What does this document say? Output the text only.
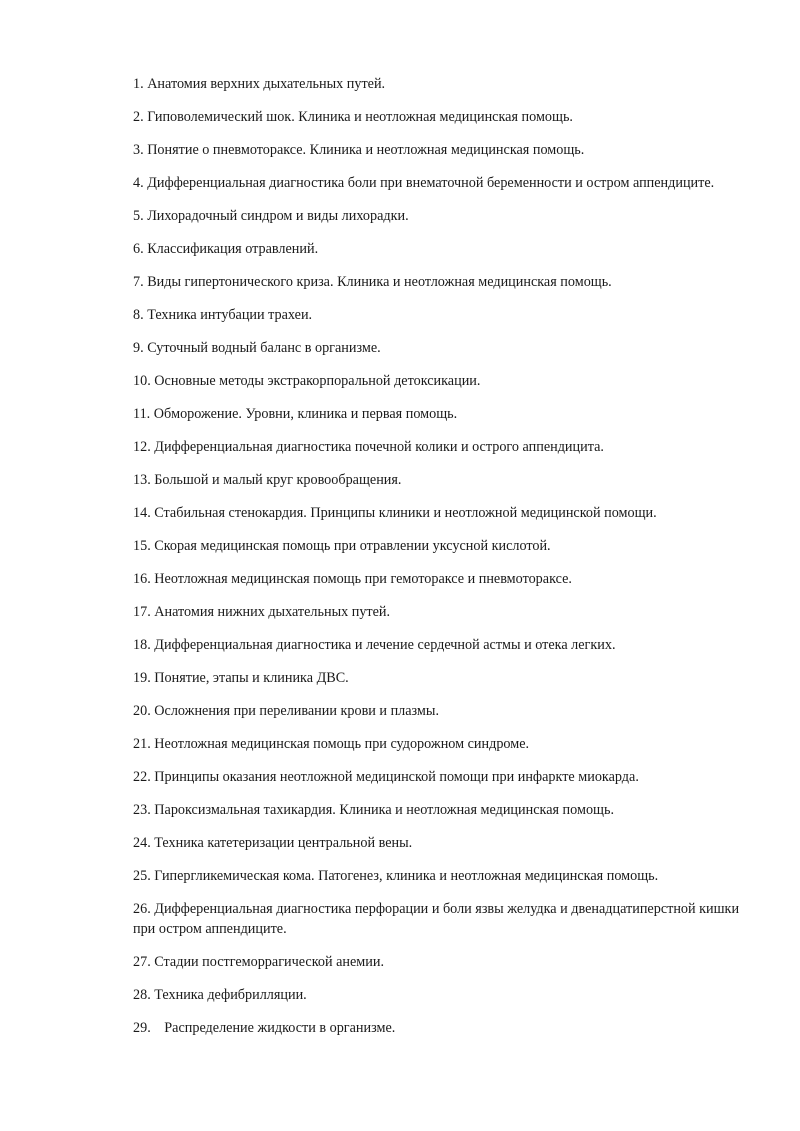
1. Анатомия верхних дыхательных путей.
2. Гиповолемический шок. Клиника и неотложная медицинская помощь.
3. Понятие о пневмотораксе. Клиника и неотложная медицинская помощь.
4. Дифференциальная диагностика боли при внематочной беременности и остром аппендиците.
5. Лихорадочный синдром и виды лихорадки.
6. Классификация отравлений.
7. Виды гипертонического криза. Клиника и неотложная медицинская помощь.
8. Техника интубации трахеи.
9. Суточный водный баланс в организме.
10. Основные методы экстракорпоральной детоксикации.
11. Обморожение. Уровни, клиника и первая помощь.
12. Дифференциальная диагностика почечной колики и острого аппендицита.
13. Большой и малый круг кровообращения.
14. Стабильная стенокардия. Принципы клиники и неотложной медицинской помощи.
15. Скорая медицинская помощь при отравлении уксусной кислотой.
16. Неотложная медицинская помощь при гемотораксе и пневмотораксе.
17. Анатомия нижних дыхательных путей.
18. Дифференциальная диагностика и лечение сердечной астмы и отека легких.
19. Понятие, этапы и клиника ДВС.
20. Осложнения при переливании крови и плазмы.
21. Неотложная медицинская помощь при судорожном синдроме.
22. Принципы оказания неотложной медицинской помощи при инфаркте миокарда.
23. Пароксизмальная тахикардия. Клиника и неотложная медицинская помощь.
24. Техника катетеризации центральной вены.
25. Гипергликемическая кома. Патогенез, клиника и неотложная медицинская помощь.
26. Дифференциальная диагностика перфорации и боли язвы желудка и двенадцатиперстной кишки при остром аппендиците.
27. Стадии постгеморрагической анемии.
28. Техника дефибрилляции.
29. Распределение жидкости в организме.
